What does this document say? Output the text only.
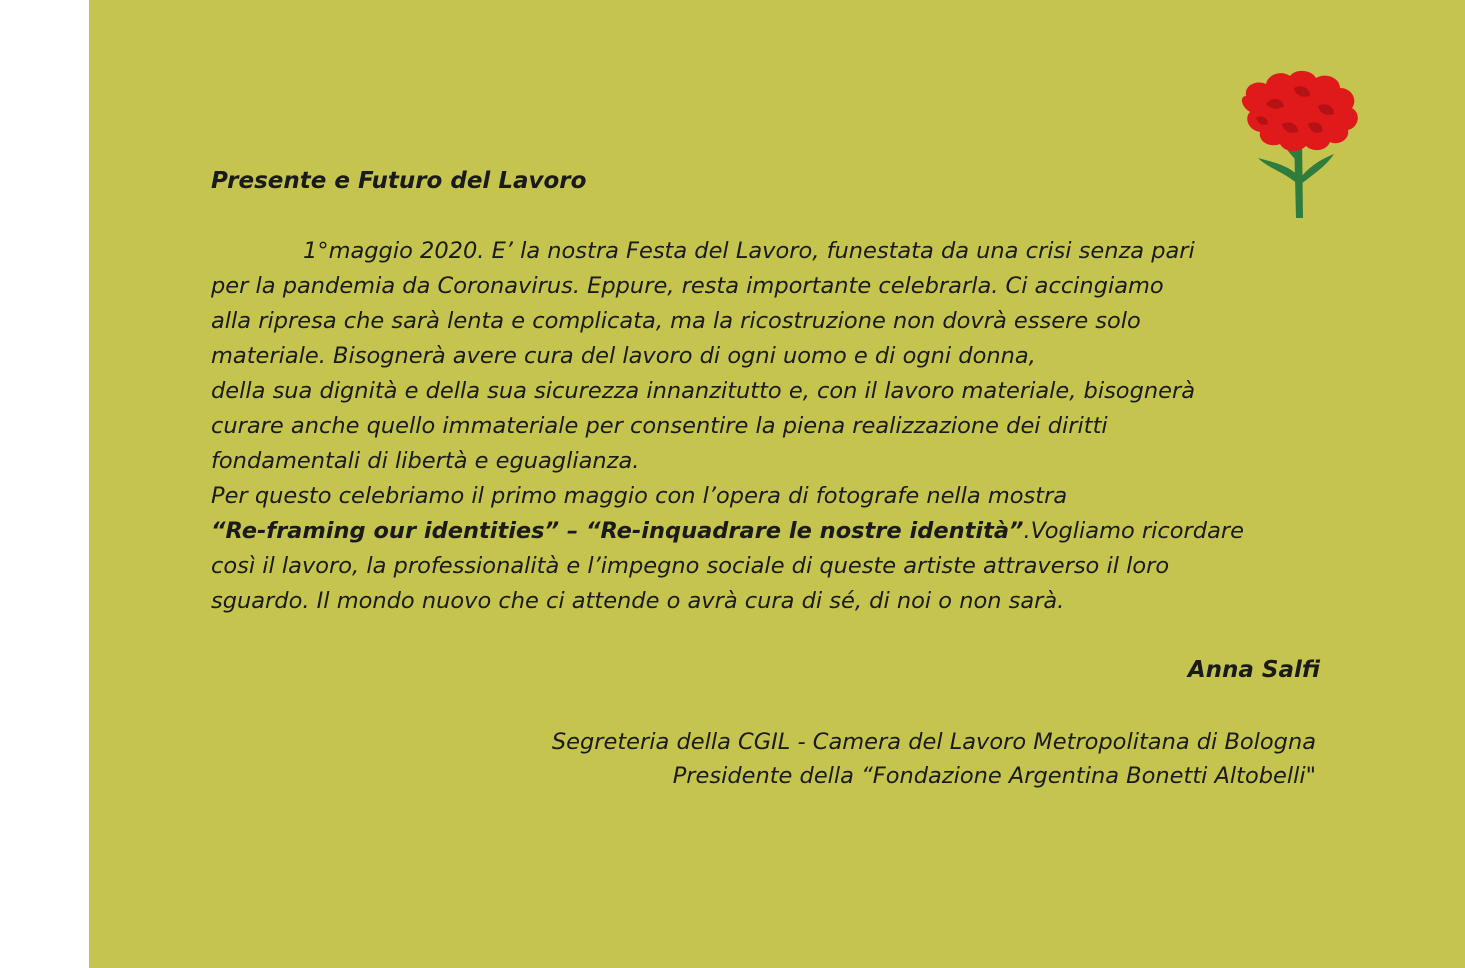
Presente e Futuro del Lavoro

1°maggio 2020. E’ la nostra Festa del Lavoro, funestata da una crisi senza pari

per la pandemia da Coronavirus. Eppure, resta importante celebrarla. Ci accingiamo

alla ripresa che sarà lenta e complicata, ma la ricostruzione non dovrà essere solo

materiale. Bisognerà avere cura del lavoro di ogni uomo e di ogni donna,

della sua dignità e della sua sicurezza innanzitutto e, con il lavoro materiale, bisognerà

curare anche quello immateriale per consentire la piena realizzazione dei diritti

fondamentali di libertà e eguaglianza.

Per questo celebriamo il primo maggio con l’opera di fotografe nella mostra

“Re-framing our identities” – “Re-inquadrare le nostre identità”.Vogliamo ricordare

così il lavoro, la professionalità e l’impegno sociale di queste artiste attraverso il loro

sguardo. Il mondo nuovo che ci attende o avrà cura di sé, di noi o non sarà.

Anna Salfi
Segreteria della CGIL - Camera del Lavoro Metropolitana di Bologna
Presidente della “Fondazione Argentina Bonetti Altobelli"
